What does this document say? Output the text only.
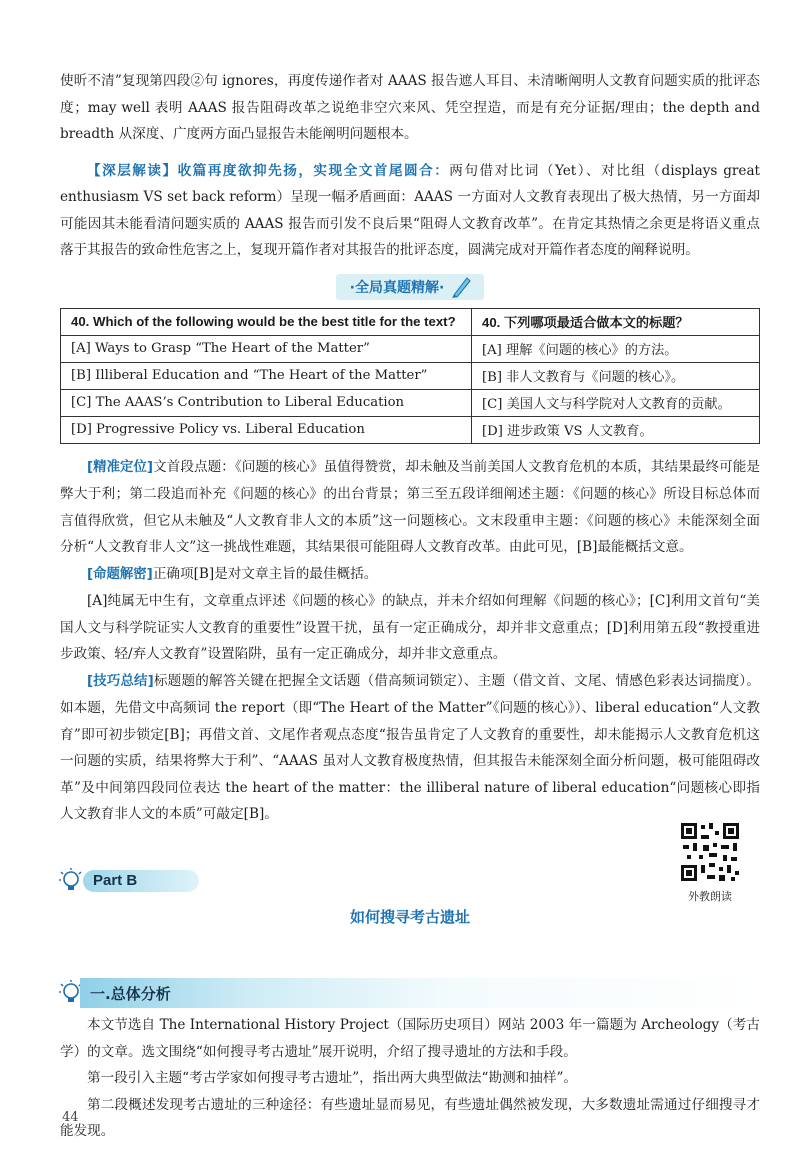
使昕不清”复现第四段②句 ignores，再度传递作者对 AAAS 报告遮人耳目、未清晰阐明人文教育问题实质的批评态度；may well 表明 AAAS 报告阻碍改革之说绝非空穴来风、凭空捏造，而是有充分证据/理由；the depth and breadth 从深度、广度两方面凸显报告未能阐明问题根本。

【深层解读】收篇再度欲抑先扬，实现全文首尾圆合：两句借对比词（Yet）、对比组（displays great enthusiasm VS set back reform）呈现一幅矛盾画面：AAAS 一方面对人文教育表现出了极大热情，另一方面却可能因其未能看清问题实质的 AAAS 报告而引发不良后果“阻碍人文教育改革”。在肯定其热情之余更是将语义重点落于其报告的致命性危害之上，复现开篇作者对其报告的批评态度，圆满完成对开篇作者态度的阐释说明。

·全局真题精解·
40. Which of the following would be the best title for the text?	40. 下列哪项最适合做本文的标题？
[A] Ways to Grasp “The Heart of the Matter”	[A] 理解《问题的核心》的方法。
[B] Illiberal Education and “The Heart of the Matter”	[B] 非人文教育与《问题的核心》。
[C] The AAAS’s Contribution to Liberal Education	[C] 美国人文与科学院对人文教育的贡献。
[D] Progressive Policy vs. Liberal Education	[D] 进步政策 VS 人文教育。

[精准定位]文首段点题：《问题的核心》虽值得赞赏，却未触及当前美国人文教育危机的本质，其结果最终可能是弊大于利；第二段追而补充《问题的核心》的出台背景；第三至五段详细阐述主题：《问题的核心》所设目标总体而言值得欣赏，但它从未触及“人文教育非人文的本质”这一问题核心。文末段重申主题：《问题的核心》未能深刻全面分析“人文教育非人文”这一挑战性难题，其结果很可能阻碍人文教育改革。由此可见，[B]最能概括文意。

[命题解密]正确项[B]是对文章主旨的最佳概括。

[A]纯属无中生有，文章重点评述《问题的核心》的缺点，并未介绍如何理解《问题的核心》；[C]利用文首句“美国人文与科学院证实人文教育的重要性”设置干扰，虽有一定正确成分，却并非文意重点；[D]利用第五段“教授重进步政策、轻/弃人文教育”设置陷阱，虽有一定正确成分，却并非文意重点。

[技巧总结]标题题的解答关键在把握全文话题（借高频词锁定）、主题（借文首、文尾、情感色彩表达词揣度）。如本题，先借文中高频词 the report（即“The Heart of the Matter”《问题的核心》）、liberal education“人文教育”即可初步锁定[B]；再借文首、文尾作者观点态度“报告虽肯定了人文教育的重要性，却未能揭示人文教育危机这一问题的实质，结果将弊大于利”、“AAAS 虽对人文教育极度热情，但其报告未能深刻全面分析问题，极可能阻碍改革”及中间第四段同位表达 the heart of the matter：the illiberal nature of liberal education“问题核心即指人文教育非人文的本质”可敲定[B]。

Part B
外教朗读
如何搜寻考古遗址
一.总体分析

本文节选自 The International History Project（国际历史项目）网站 2003 年一篇题为 Archeology（考古学）的文章。选文围绕“如何搜寻考古遗址”展开说明，介绍了搜寻遗址的方法和手段。

第一段引入主题“考古学家如何搜寻考古遗址”，指出两大典型做法“勘测和抽样”。

第二段概述发现考古遗址的三种途径：有些遗址显而易见，有些遗址偶然被发现，大多数遗址需通过仔细搜寻才能发现。

44
